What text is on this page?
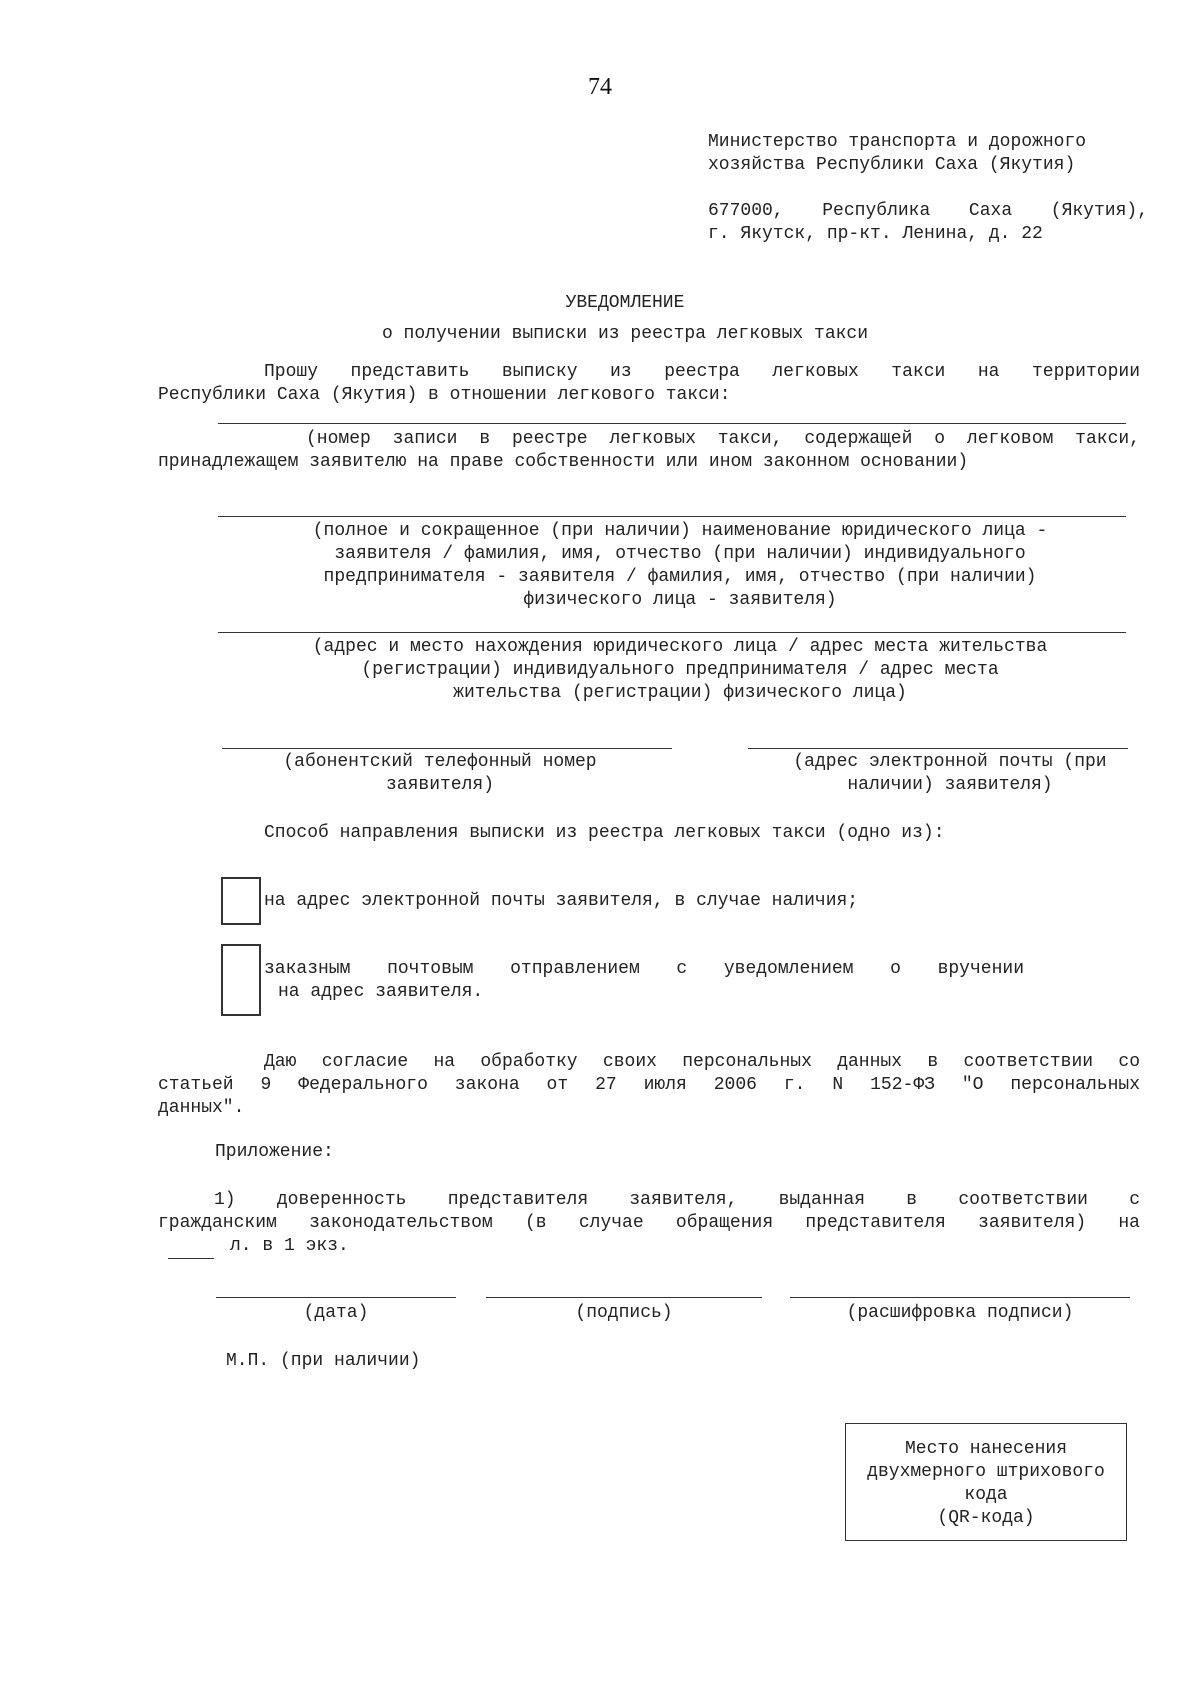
74
Министерство транспорта и дорожного
хозяйства Республики Саха (Якутия)
677000, Республика Саха (Якутия),
г. Якутск, пр-кт. Ленина, д. 22
УВЕДОМЛЕНИЕ
о получении выписки из реестра легковых такси
Прошу представить выписку из реестра легковых такси на территории
Республики Саха (Якутия) в отношении легкового такси:
(номер записи в реестре легковых такси, содержащей о легковом такси,
принадлежащем заявителю на праве собственности или ином законном основании)
(полное и сокращенное (при наличии) наименование юридического лица -
заявителя / фамилия, имя, отчество (при наличии) индивидуального
предпринимателя - заявителя / фамилия, имя, отчество (при наличии)
физического лица - заявителя)
(адрес и место нахождения юридического лица / адрес места жительства
(регистрации) индивидуального предпринимателя / адрес места
жительства (регистрации) физического лица)
(абонентский телефонный номер
заявителя)
(адрес электронной почты (при
наличии) заявителя)
Способ направления выписки из реестра легковых такси (одно из):
на адрес электронной почты заявителя, в случае наличия;
заказным почтовым отправлением с уведомлением о вручении
на адрес заявителя.
Даю согласие на обработку своих персональных данных в соответствии со
статьей 9 Федерального закона от 27 июля 2006 г. N 152-ФЗ "О персональных
данных".
Приложение:
1) доверенность представителя заявителя, выданная в соответствии с
гражданским законодательством (в случае обращения представителя заявителя) на
л. в 1 экз.
(дата)	(подпись)	(расшифровка подписи)
М.П. (при наличии)
Место нанесения
двухмерного штрихового
кода
(QR-кода)
